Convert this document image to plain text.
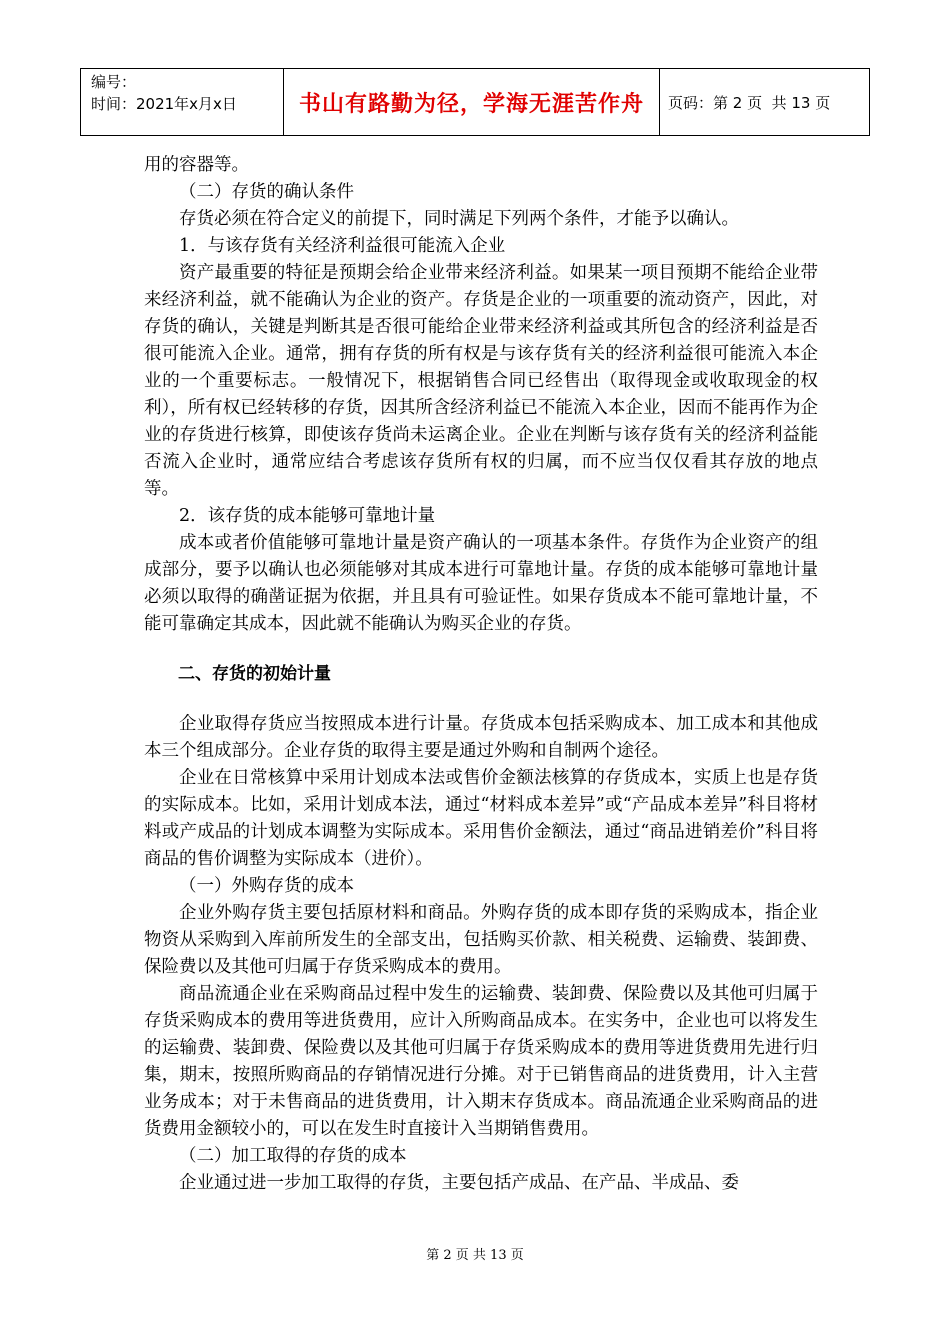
编号：
时间：2021年x月x日	书山有路勤为径，学海无涯苦作舟	页码：第 2 页  共 13 页

用的容器等。

（二）存货的确认条件

存货必须在符合定义的前提下，同时满足下列两个条件，才能予以确认。

1．与该存货有关经济利益很可能流入企业

资产最重要的特征是预期会给企业带来经济利益。如果某一项目预期不能给企业带来经济利益，就不能确认为企业的资产。存货是企业的一项重要的流动资产，因此，对存货的确认，关键是判断其是否很可能给企业带来经济利益或其所包含的经济利益是否很可能流入企业。通常，拥有存货的所有权是与该存货有关的经济利益很可能流入本企业的一个重要标志。一般情况下，根据销售合同已经售出（取得现金或收取现金的权利），所有权已经转移的存货，因其所含经济利益已不能流入本企业，因而不能再作为企业的存货进行核算，即使该存货尚未运离企业。企业在判断与该存货有关的经济利益能否流入企业时，通常应结合考虑该存货所有权的归属，而不应当仅仅看其存放的地点等。

2．该存货的成本能够可靠地计量

成本或者价值能够可靠地计量是资产确认的一项基本条件。存货作为企业资产的组成部分，要予以确认也必须能够对其成本进行可靠地计量。存货的成本能够可靠地计量必须以取得的确凿证据为依据，并且具有可验证性。如果存货成本不能可靠地计量，不能可靠确定其成本，因此就不能确认为购买企业的存货。

二、存货的初始计量

企业取得存货应当按照成本进行计量。存货成本包括采购成本、加工成本和其他成本三个组成部分。企业存货的取得主要是通过外购和自制两个途径。

企业在日常核算中采用计划成本法或售价金额法核算的存货成本，实质上也是存货的实际成本。比如，采用计划成本法，通过“材料成本差异”或“产品成本差异”科目将材料或产成品的计划成本调整为实际成本。采用售价金额法，通过“商品进销差价”科目将商品的售价调整为实际成本（进价）。

（一）外购存货的成本

企业外购存货主要包括原材料和商品。外购存货的成本即存货的采购成本，指企业物资从采购到入库前所发生的全部支出，包括购买价款、相关税费、运输费、装卸费、保险费以及其他可归属于存货采购成本的费用。

商品流通企业在采购商品过程中发生的运输费、装卸费、保险费以及其他可归属于存货采购成本的费用等进货费用，应计入所购商品成本。在实务中，企业也可以将发生的运输费、装卸费、保险费以及其他可归属于存货采购成本的费用等进货费用先进行归集，期末，按照所购商品的存销情况进行分摊。对于已销售商品的进货费用，计入主营业务成本；对于未售商品的进货费用，计入期末存货成本。商品流通企业采购商品的进货费用金额较小的，可以在发生时直接计入当期销售费用。

（二）加工取得的存货的成本

企业通过进一步加工取得的存货，主要包括产成品、在产品、半成品、委

第 2 页 共 13 页
